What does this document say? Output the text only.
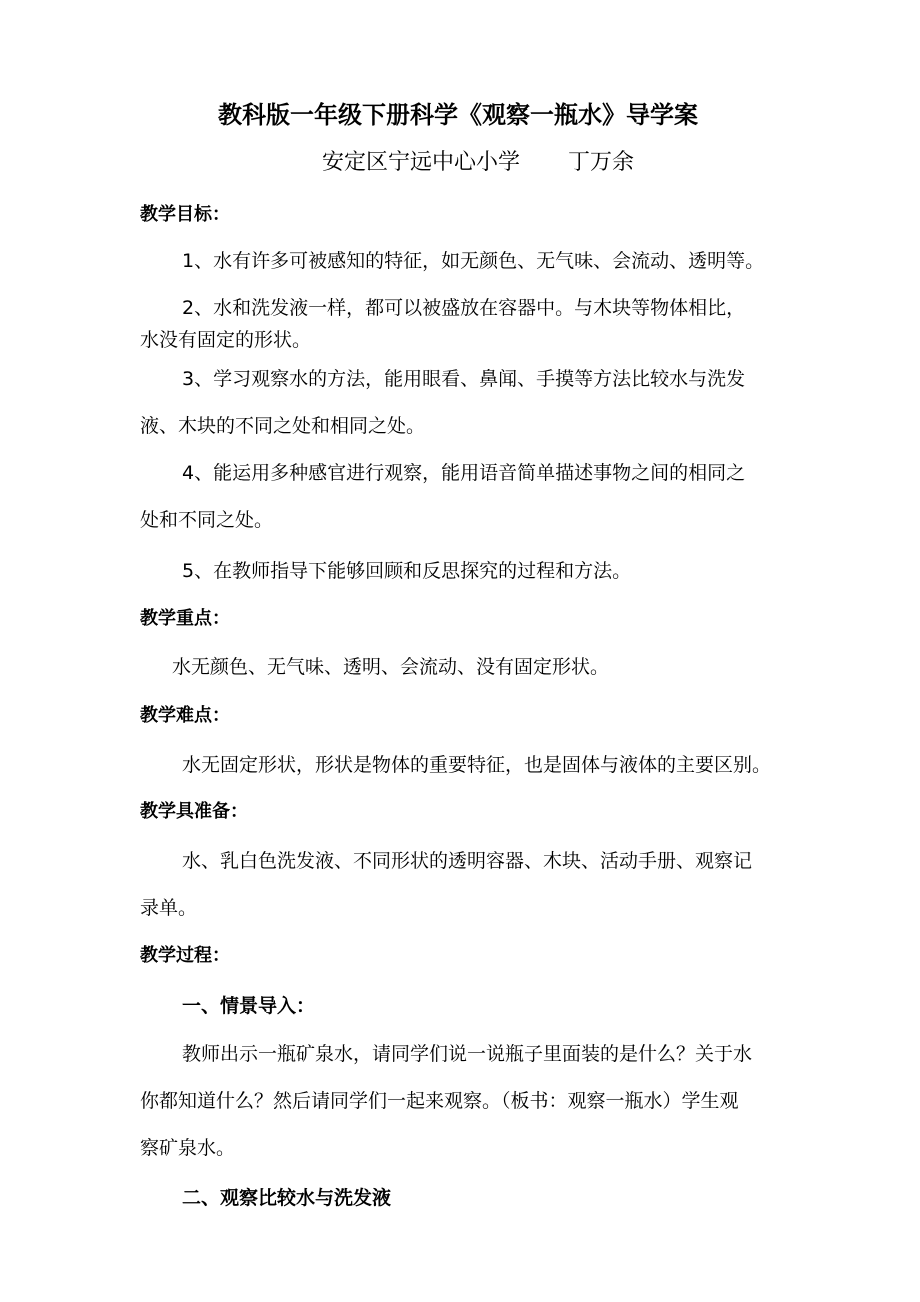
教科版一年级下册科学《观察一瓶水》导学案
安定区宁远中心小学 丁万余
教学目标：
1、水有许多可被感知的特征，如无颜色、无气味、会流动、透明等。
2、水和洗发液一样，都可以被盛放在容器中。与木块等物体相比，
水没有固定的形状。
3、学习观察水的方法，能用眼看、鼻闻、手摸等方法比较水与洗发
液、木块的不同之处和相同之处。
4、能运用多种感官进行观察，能用语音简单描述事物之间的相同之
处和不同之处。
5、在教师指导下能够回顾和反思探究的过程和方法。
教学重点：
水无颜色、无气味、透明、会流动、没有固定形状。
教学难点：
水无固定形状，形状是物体的重要特征，也是固体与液体的主要区别。
教学具准备：
水、乳白色洗发液、不同形状的透明容器、木块、活动手册、观察记
录单。
教学过程：
一、情景导入：
教师出示一瓶矿泉水，请同学们说一说瓶子里面装的是什么？关于水
你都知道什么？然后请同学们一起来观察。（板书：观察一瓶水）学生观
察矿泉水。
二、观察比较水与洗发液
